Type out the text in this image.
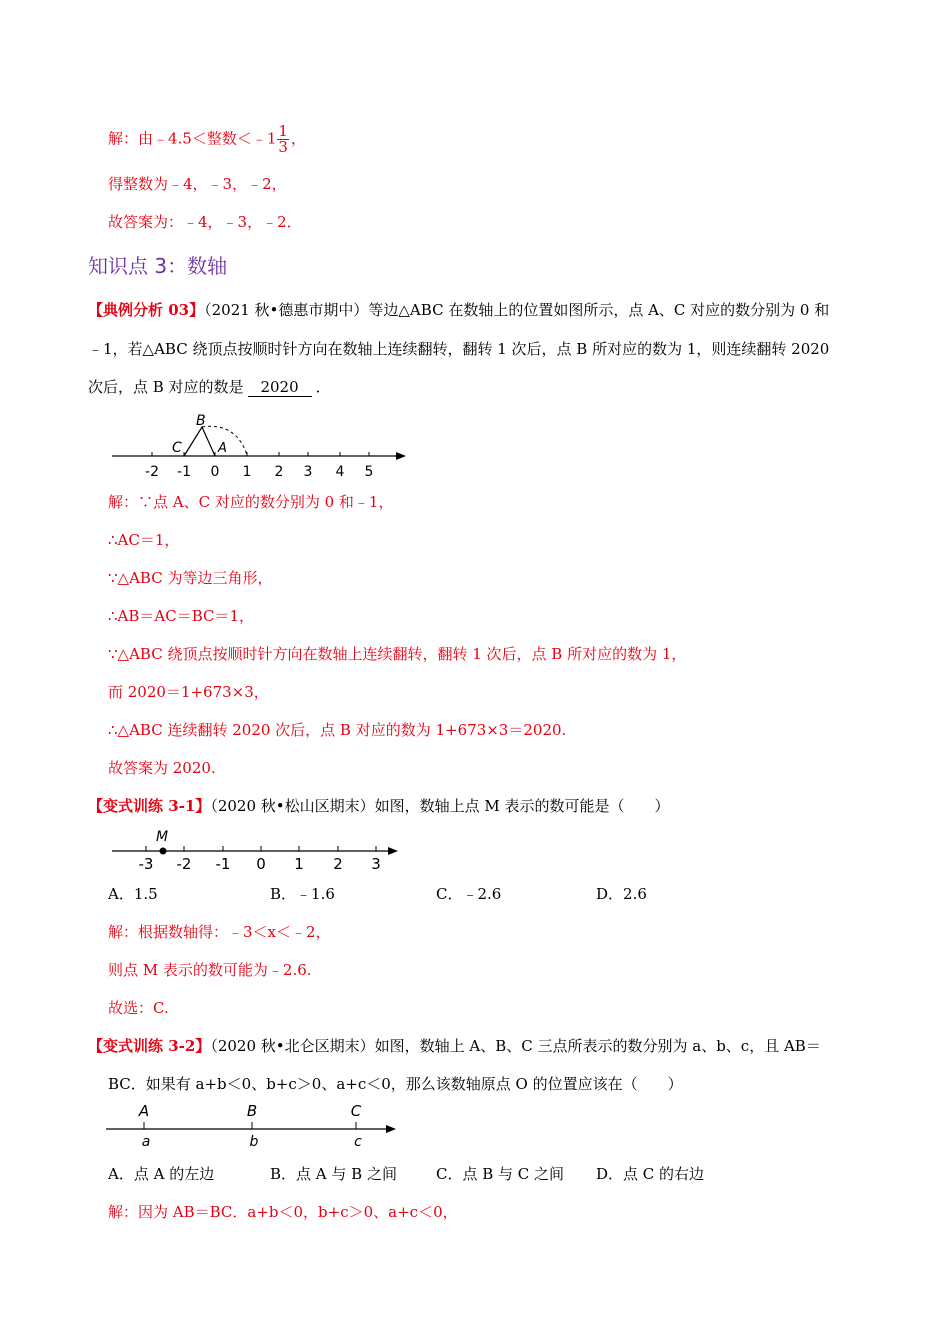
解：由﹣4.5＜整数＜﹣1 $\frac{1}{3}$ ，
得整数为﹣4，﹣3，﹣2，
故答案为：﹣4，﹣3，﹣2．
知识点 3：数轴
【典例分析 03】（2021 秋•德惠市期中）等边△ABC 在数轴上的位置如图所示，点 A、C 对应的数分别为 0 和
﹣1，若△ABC 绕顶点按顺时针方向在数轴上连续翻转，翻转 1 次后，点 B 所对应的数为 1，则连续翻转 2020
次后，点 B 对应的数是 2020 ．
B
C	A
-2 -1 0 1 2 3 4 5
解：∵点 A、C 对应的数分别为 0 和﹣1，
∴AC＝1，
∵△ABC 为等边三角形，
∴AB＝AC＝BC＝1，
∵△ABC 绕顶点按顺时针方向在数轴上连续翻转，翻转 1 次后，点 B 所对应的数为 1，
而 2020＝1+673×3，
∴△ABC 连续翻转 2020 次后，点 B 对应的数为 1+673×3＝2020.
故答案为 2020.
【变式训练 3-1】（2020 秋•松山区期末）如图，数轴上点 M 表示的数可能是（　　）
M
-3 -2 -1 0 1 2 3
A．1.5	B．﹣1.6	C．﹣2.6	D．2.6
解：根据数轴得：﹣3＜x＜﹣2，
则点 M 表示的数可能为﹣2.6.
故选：C.
【变式训练 3-2】（2020 秋•北仑区期末）如图，数轴上 A、B、C 三点所表示的数分别为 a、b、c，且 AB＝
BC．如果有 a+b＜0、b+c＞0、a+c＜0，那么该数轴原点 O 的位置应该在（　　）
A
a
B
b
C
c
A．点 A 的左边	B．点 A 与 B 之间	C．点 B 与 C 之间 D．点 C 的右边
解：因为 AB＝BC．a+b＜0，b+c＞0、a+c＜0，
